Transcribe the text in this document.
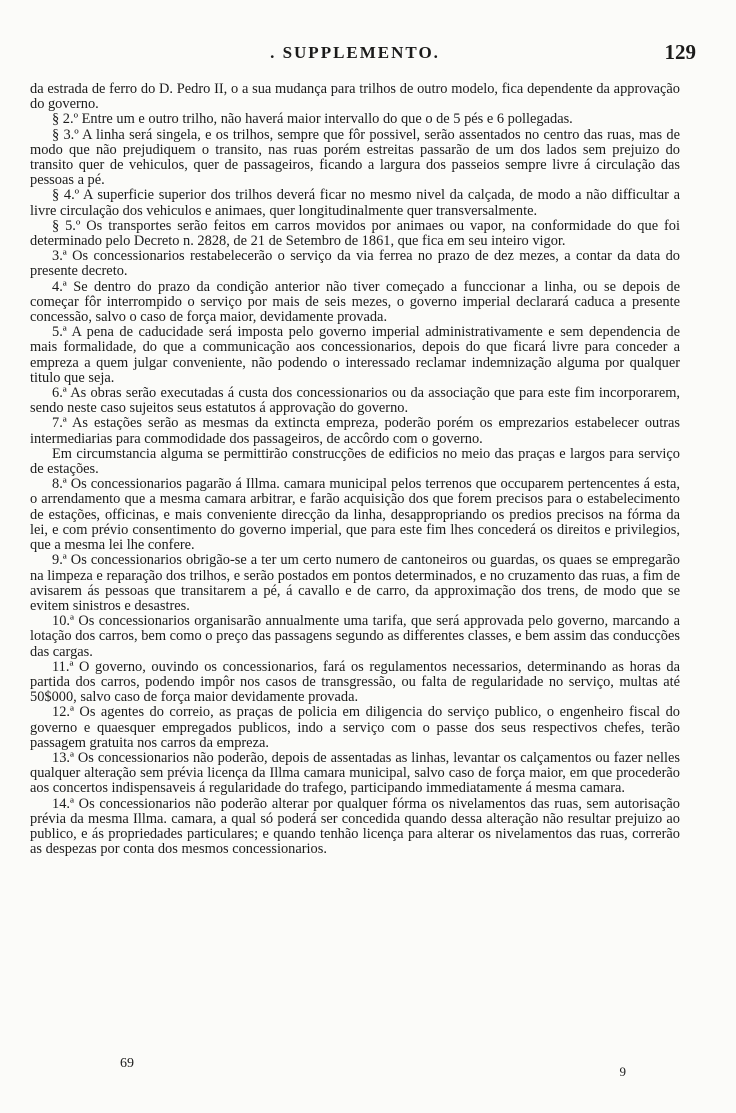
. SUPPLEMENTO.	129

da estrada de ferro do D. Pedro II, o a sua mudança para trilhos de outro modelo, fica dependente da approvação do governo.

§ 2.º Entre um e outro trilho, não haverá maior intervallo do que o de 5 pés e 6 pollegadas.

§ 3.º A linha será singela, e os trilhos, sempre que fôr possivel, serão assentados no centro das ruas, mas de modo que não prejudiquem o transito, nas ruas porém estreitas passarão de um dos lados sem prejuizo do transito quer de vehiculos, quer de passageiros, ficando a largura dos passeios sempre livre á circulação das pessoas a pé.

§ 4.º A superficie superior dos trilhos deverá ficar no mesmo nivel da calçada, de modo a não difficultar a livre circulação dos vehiculos e animaes, quer longitudinalmente quer transversalmente.

§ 5.º Os transportes serão feitos em carros movidos por animaes ou vapor, na conformidade do que foi determinado pelo Decreto n. 2828, de 21 de Setembro de 1861, que fica em seu inteiro vigor.

3.ª Os concessionarios restabelecerão o serviço da via ferrea no prazo de dez mezes, a contar da data do presente decreto.

4.ª Se dentro do prazo da condição anterior não tiver começado a funccionar a linha, ou se depois de começar fôr interrompido o serviço por mais de seis mezes, o governo imperial declarará caduca a presente concessão, salvo o caso de força maior, devidamente provada.

5.ª A pena de caducidade será imposta pelo governo imperial administrativamente e sem dependencia de mais formalidade, do que a communicação aos concessionarios, depois do que ficará livre para conceder a empreza a quem julgar conveniente, não podendo o interessado reclamar indemnização alguma por qualquer titulo que seja.

6.ª As obras serão executadas á custa dos concessionarios ou da associação que para este fim incorporarem, sendo neste caso sujeitos seus estatutos á approvação do governo.

7.ª As estações serão as mesmas da extincta empreza, poderão porém os emprezarios estabelecer outras intermediarias para commodidade dos passageiros, de accôrdo com o governo.

Em circumstancia alguma se permittirão construcções de edificios no meio das praças e largos para serviço de estações.

8.ª Os concessionarios pagarão á Illma. camara municipal pelos terrenos que occuparem pertencentes á esta, o arrendamento que a mesma camara arbitrar, e farão acquisição dos que forem precisos para o estabelecimento de estações, officinas, e mais conveniente direcção da linha, desappropriando os predios precisos na fórma da lei, e com prévio consentimento do governo imperial, que para este fim lhes concederá os direitos e privilegios, que a mesma lei lhe confere.

9.ª Os concessionarios obrigão-se a ter um certo numero de cantoneiros ou guardas, os quaes se empregarão na limpeza e reparação dos trilhos, e serão postados em pontos determinados, e no cruzamento das ruas, a fim de avisarem ás pessoas que transitarem a pé, á cavallo e de carro, da approximação dos trens, de modo que se evitem sinistros e desastres.

10.ª Os concessionarios organisarão annualmente uma tarifa, que será approvada pelo governo, marcando a lotação dos carros, bem como o preço das passagens segundo as differentes classes, e bem assim das conducções das cargas.

11.ª O governo, ouvindo os concessionarios, fará os regulamentos necessarios, determinando as horas da partida dos carros, podendo impôr nos casos de transgressão, ou falta de regularidade no serviço, multas até 50$000, salvo caso de força maior devidamente provada.

12.ª Os agentes do correio, as praças de policia em diligencia do serviço publico, o engenheiro fiscal do governo e quaesquer empregados publicos, indo a serviço com o passe dos seus respectivos chefes, terão passagem gratuita nos carros da empreza.

13.ª Os concessionarios não poderão, depois de assentadas as linhas, levantar os calçamentos ou fazer nelles qualquer alteração sem prévia licença da Illma camara municipal, salvo caso de força maior, em que procederão aos concertos indispensaveis á regularidade do trafego, participando immediatamente á mesma camara.

14.ª Os concessionarios não poderão alterar por qualquer fórma os nivelamentos das ruas, sem autorisação prévia da mesma Illma. camara, a qual só poderá ser concedida quando dessa alteração não resultar prejuizo ao publico, e ás propriedades particulares; e quando tenhão licença para alterar os nivelamentos das ruas, correrão as despezas por conta dos mesmos concessionarios.

69
9
